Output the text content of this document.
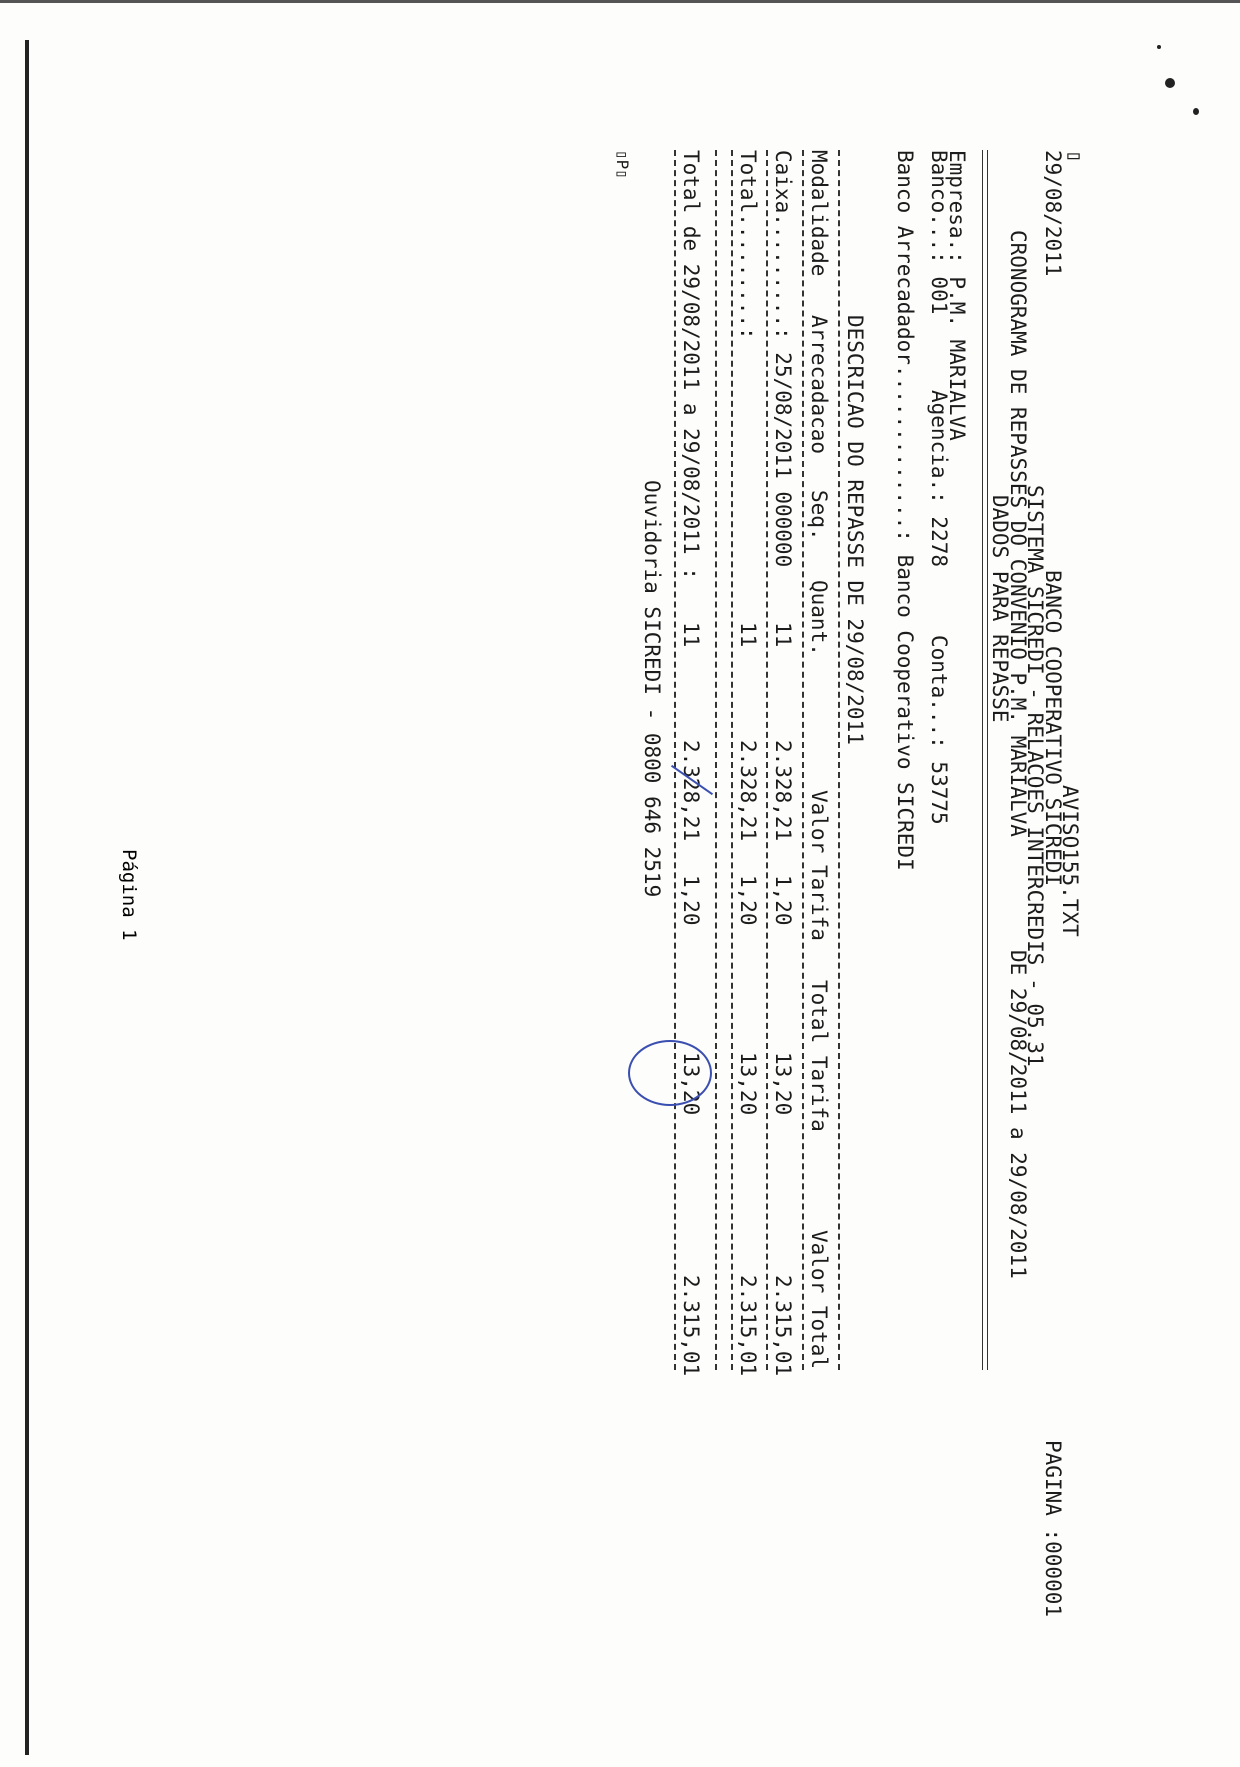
▯
AVISO155.TXT
29/08/2011
BANCO COOPERATIVO SICREDI
PAGINA :000001
SISTEMA SICREDI - RELACOES INTERCREDIS - 05.31
CRONOGRAMA DE REPASSES DO CONVENIO P.M. MARIALVA
DE 29/08/2011 a 29/08/2011
DADOS PARA REPASSE
Empresa.: P.M. MARIALVA
Banco...: 001
Agencia.: 2278
Conta...: 53775
Banco Arrecadador.............: Banco Cooperativo SICREDI
DESCRICAO DO REPASSE DE 29/08/2011
Modalidade
Arrecadacao
Seq.
Quant.
Valor
Tarifa
Total Tarifa
Valor Total
Caixa.........: 25/08/2011 000000
11
2.328,21
1,20
13,20
2.315,01
Total.........:
11
2.328,21
1,20
13,20
2.315,01
Total de 29/08/2011 a 29/08/2011 :
11
2.328,21
1,20
13,20
2.315,01
Ouvidoria SICREDI - 0800 646 2519
▯P▯
Página 1
